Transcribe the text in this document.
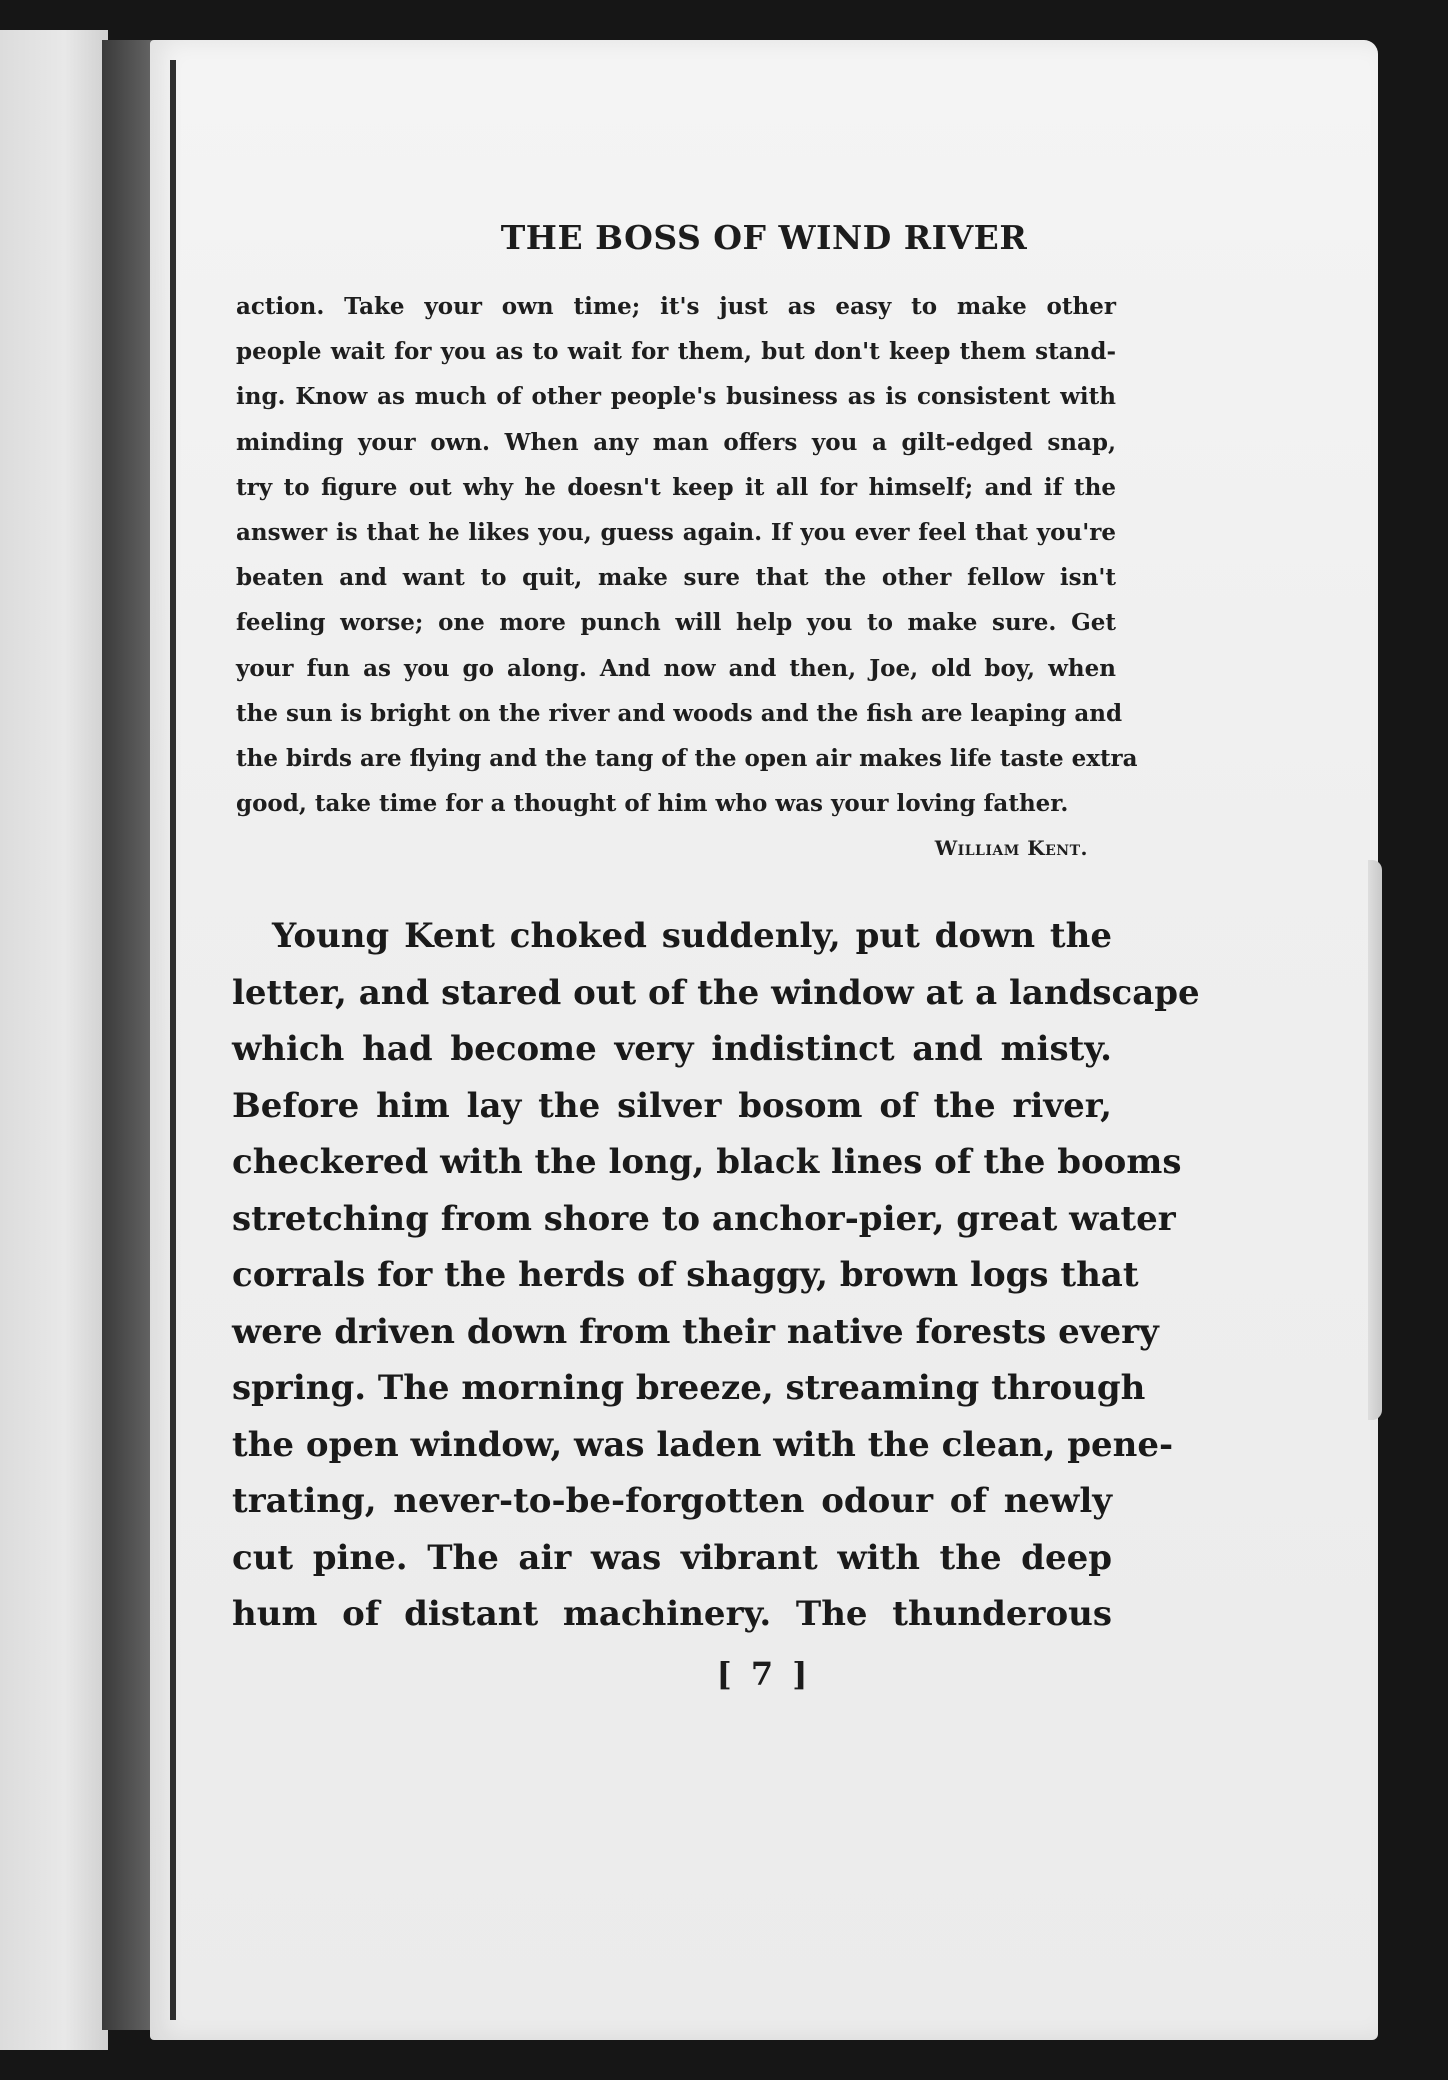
THE BOSS OF WIND RIVER
action. Take your own time; it's just as easy to make other
people wait for you as to wait for them, but don't keep them stand-
ing. Know as much of other people's business as is consistent with
minding your own. When any man offers you a gilt-edged snap,
try to figure out why he doesn't keep it all for himself; and if the
answer is that he likes you, guess again. If you ever feel that you're
beaten and want to quit, make sure that the other fellow isn't
feeling worse; one more punch will help you to make sure. Get
your fun as you go along. And now and then, Joe, old boy, when
the sun is bright on the river and woods and the fish are leaping and
the birds are flying and the tang of the open air makes life taste extra
good, take time for a thought of him who was your loving father.
William Kent.
Young Kent choked suddenly, put down the
letter, and stared out of the window at a landscape
which had become very indistinct and misty.
Before him lay the silver bosom of the river,
checkered with the long, black lines of the booms
stretching from shore to anchor-pier, great water
corrals for the herds of shaggy, brown logs that
were driven down from their native forests every
spring. The morning breeze, streaming through
the open window, was laden with the clean, pene-
trating, never-to-be-forgotten odour of newly
cut pine. The air was vibrant with the deep
hum of distant machinery. The thunderous
[ 7 ]
